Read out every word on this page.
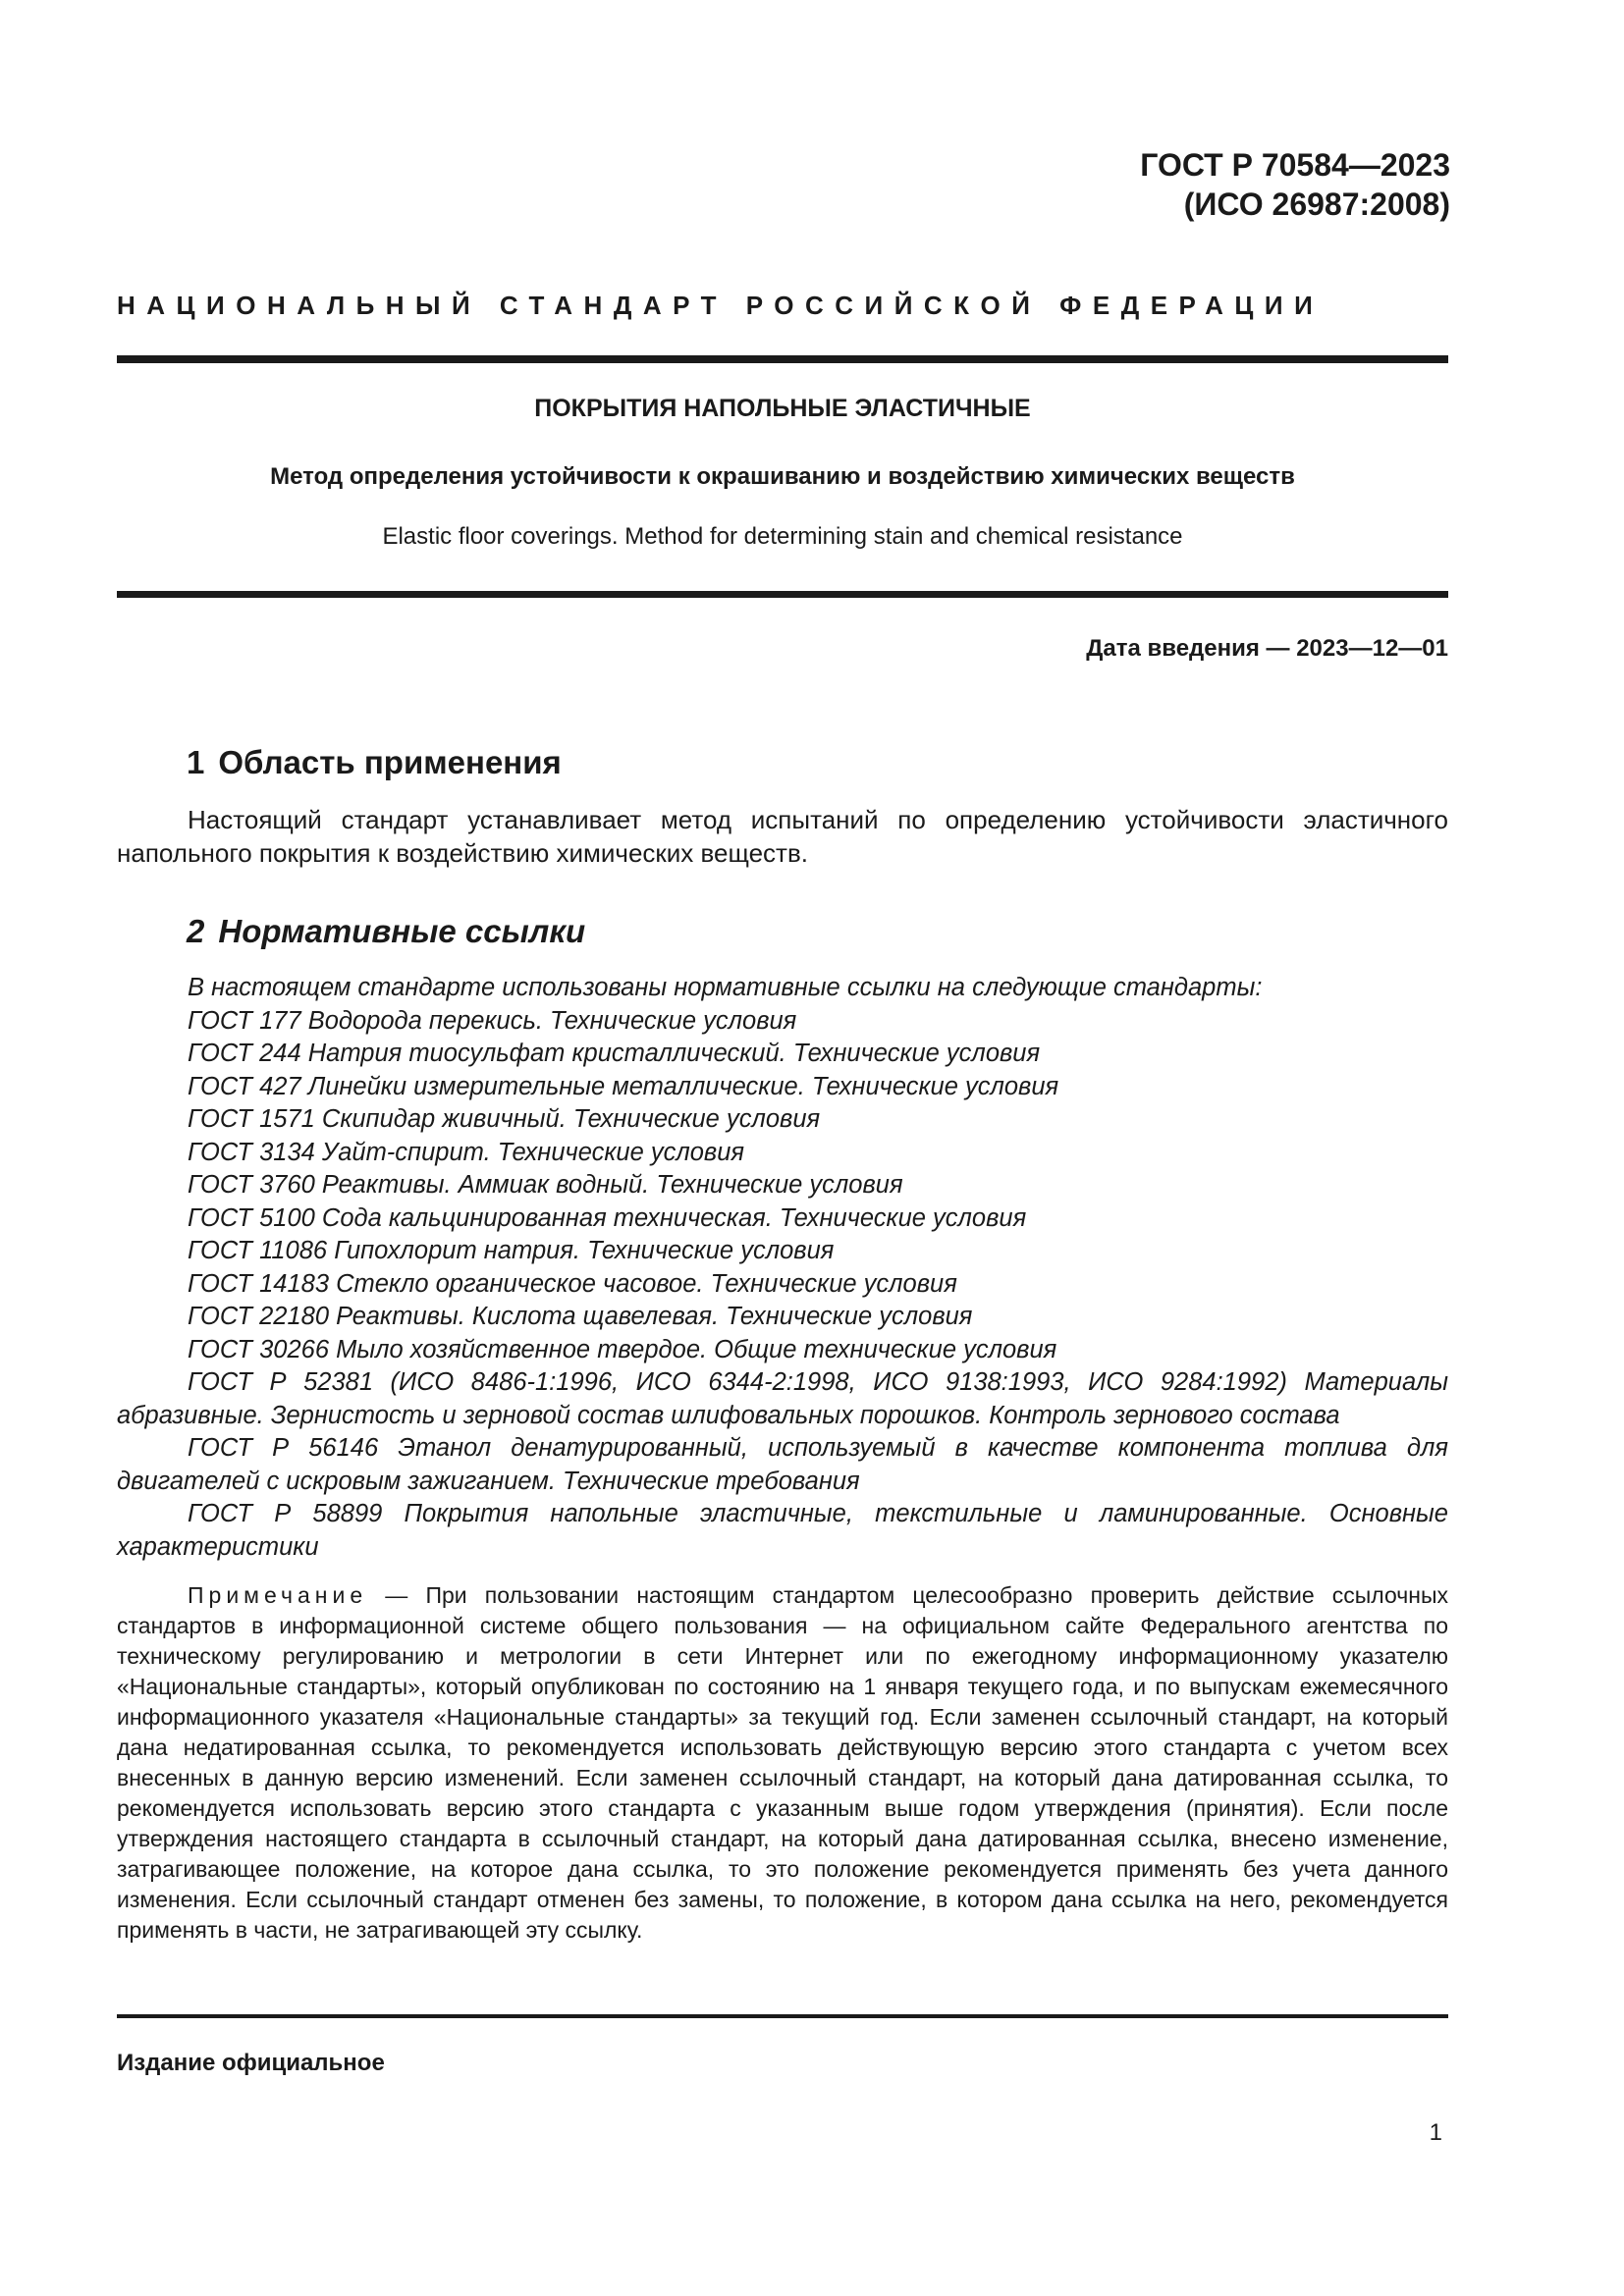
ГОСТ Р 70584—2023
(ИСО 26987:2008)
НАЦИОНАЛЬНЫЙ СТАНДАРТ РОССИЙСКОЙ ФЕДЕРАЦИИ
ПОКРЫТИЯ НАПОЛЬНЫЕ ЭЛАСТИЧНЫЕ
Метод определения устойчивости к окрашиванию и воздействию химических веществ
Elastic floor coverings. Method for determining stain and chemical resistance
Дата введения — 2023—12—01
1 Область применения
Настоящий стандарт устанавливает метод испытаний по определению устойчивости эластичного напольного покрытия к воздействию химических веществ.
2 Нормативные ссылки
В настоящем стандарте использованы нормативные ссылки на следующие стандарты:
ГОСТ 177 Водорода перекись. Технические условия
ГОСТ 244 Натрия тиосульфат кристаллический. Технические условия
ГОСТ 427 Линейки измерительные металлические. Технические условия
ГОСТ 1571 Скипидар живичный. Технические условия
ГОСТ 3134 Уайт-спирит. Технические условия
ГОСТ 3760 Реактивы. Аммиак водный. Технические условия
ГОСТ 5100 Сода кальцинированная техническая. Технические условия
ГОСТ 11086 Гипохлорит натрия. Технические условия
ГОСТ 14183 Стекло органическое часовое. Технические условия
ГОСТ 22180 Реактивы. Кислота щавелевая. Технические условия
ГОСТ 30266 Мыло хозяйственное твердое. Общие технические условия
ГОСТ Р 52381 (ИСО 8486-1:1996, ИСО 6344-2:1998, ИСО 9138:1993, ИСО 9284:1992) Материалы абразивные. Зернистость и зерновой состав шлифовальных порошков. Контроль зернового состава
ГОСТ Р 56146 Этанол денатурированный, используемый в качестве компонента топлива для двигателей с искровым зажиганием. Технические требования
ГОСТ Р 58899 Покрытия напольные эластичные, текстильные и ламинированные. Основные характеристики
Примечание — При пользовании настоящим стандартом целесообразно проверить действие ссылочных стандартов в информационной системе общего пользования — на официальном сайте Федерального агентства по техническому регулированию и метрологии в сети Интернет или по ежегодному информационному указателю «Национальные стандарты», который опубликован по состоянию на 1 января текущего года, и по выпускам ежемесячного информационного указателя «Национальные стандарты» за текущий год. Если заменен ссылочный стандарт, на который дана недатированная ссылка, то рекомендуется использовать действующую версию этого стандарта с учетом всех внесенных в данную версию изменений. Если заменен ссылочный стандарт, на который дана датированная ссылка, то рекомендуется использовать версию этого стандарта с указанным выше годом утверждения (принятия). Если после утверждения настоящего стандарта в ссылочный стандарт, на который дана датированная ссылка, внесено изменение, затрагивающее положение, на которое дана ссылка, то это положение рекомендуется применять без учета данного изменения. Если ссылочный стандарт отменен без замены, то положение, в котором дана ссылка на него, рекомендуется применять в части, не затрагивающей эту ссылку.
Издание официальное
1
